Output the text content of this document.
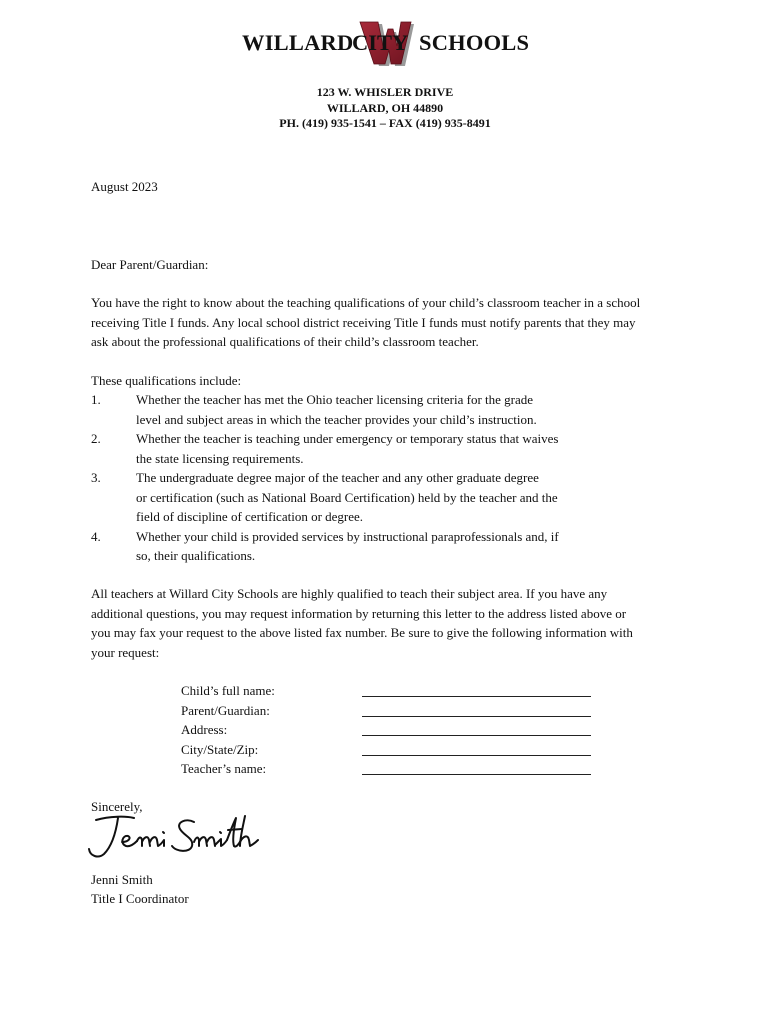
WILLARD
CITY SCHOOLS
123 W. WHISLER DRIVE
WILLARD, OH 44890
PH. (419) 935-1541 – FAX (419) 935-8491

August 2023

Dear Parent/Guardian:

You have the right to know about the teaching qualifications of your child’s classroom teacher in a school
receiving Title I funds. Any local school district receiving Title I funds must notify parents that they may
ask about the professional qualifications of their child’s classroom teacher.

These qualifications include:

1.	Whether the teacher has met the Ohio teacher licensing criteria for the grade
level and subject areas in which the teacher provides your child’s instruction.
2.	Whether the teacher is teaching under emergency or temporary status that waives
the state licensing requirements.
3.	The undergraduate degree major of the teacher and any other graduate degree
or certification (such as National Board Certification) held by the teacher and the
field of discipline of certification or degree.
4.	Whether your child is provided services by instructional paraprofessionals and, if
so, their qualifications.
All teachers at Willard City Schools are highly qualified to teach their subject area. If you have any
additional questions, you may request information by returning this letter to the address listed above or
you may fax your request to the above listed fax number. Be sure to give the following information with
your request:
Child’s full name:
Parent/Guardian:
Address:
City/State/Zip:
Teacher’s name:

Sincerely,

Jenni Smith

Title I Coordinator
